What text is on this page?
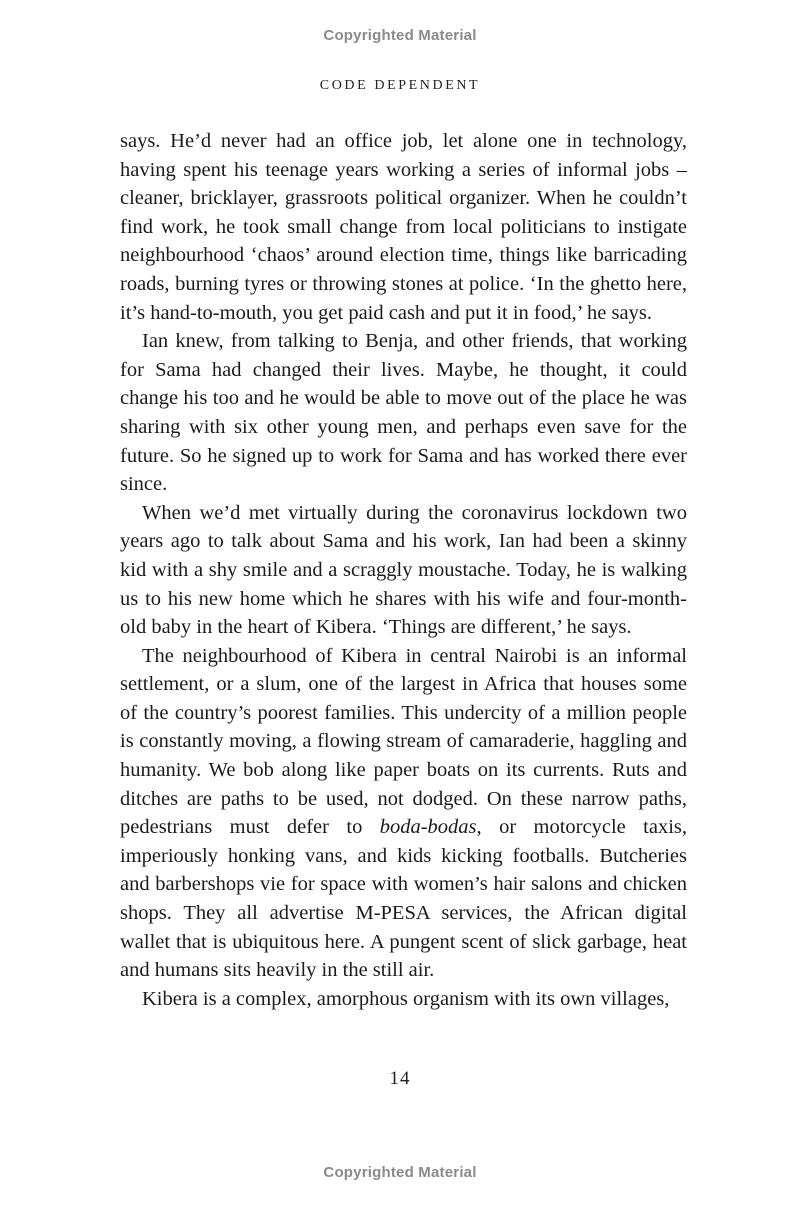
Copyrighted Material
CODE DEPENDENT

says. He’d never had an office job, let alone one in technology, having spent his teenage years working a series of informal jobs – cleaner, bricklayer, grassroots political organizer. When he couldn’t find work, he took small change from local politicians to instigate neighbourhood ‘chaos’ around election time, things like barricading roads, burning tyres or throwing stones at police. ‘In the ghetto here, it’s hand-to-mouth, you get paid cash and put it in food,’ he says.

Ian knew, from talking to Benja, and other friends, that working for Sama had changed their lives. Maybe, he thought, it could change his too and he would be able to move out of the place he was sharing with six other young men, and perhaps even save for the future. So he signed up to work for Sama and has worked there ever since.

When we’d met virtually during the coronavirus lockdown two years ago to talk about Sama and his work, Ian had been a skinny kid with a shy smile and a scraggly moustache. Today, he is walking us to his new home which he shares with his wife and four-month-old baby in the heart of Kibera. ‘Things are different,’ he says.

The neighbourhood of Kibera in central Nairobi is an informal settlement, or a slum, one of the largest in Africa that houses some of the country’s poorest families. This undercity of a million people is constantly moving, a flowing stream of camaraderie, haggling and humanity. We bob along like paper boats on its currents. Ruts and ditches are paths to be used, not dodged. On these narrow paths, pedestrians must defer to boda-bodas, or motorcycle taxis, imperiously honking vans, and kids kicking footballs. Butcheries and barbershops vie for space with women’s hair salons and chicken shops. They all advertise M-PESA services, the African digital wallet that is ubiquitous here. A pungent scent of slick garbage, heat and humans sits heavily in the still air.

Kibera is a complex, amorphous organism with its own villages,

14
Copyrighted Material
